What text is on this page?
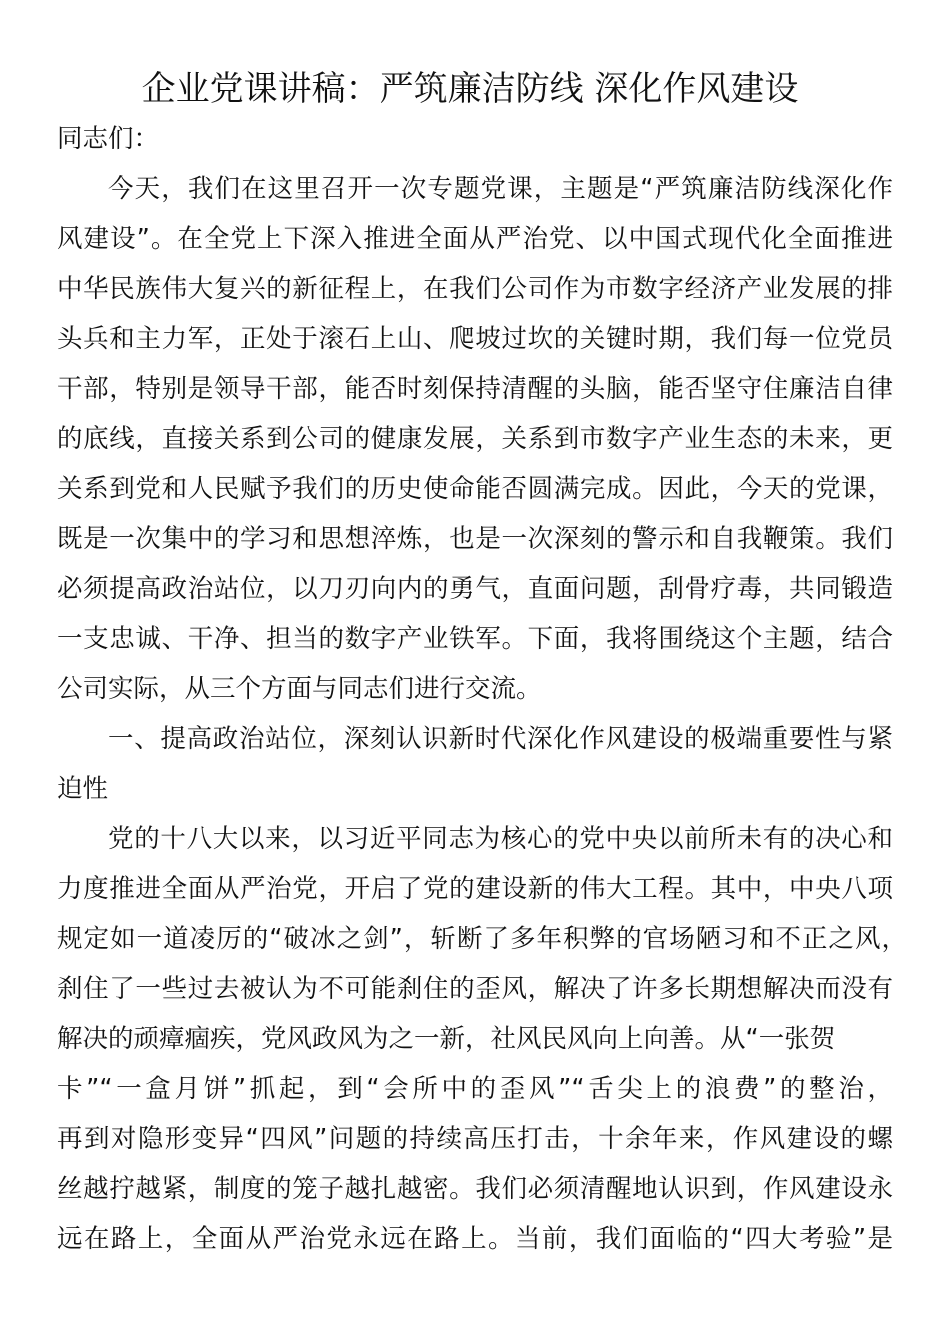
企业党课讲稿：严筑廉洁防线 深化作风建设
同志们：
今天，我们在这里召开一次专题党课，主题是“严筑廉洁防线深化作
风建设”。在全党上下深入推进全面从严治党、以中国式现代化全面推进
中华民族伟大复兴的新征程上，在我们公司作为市数字经济产业发展的排
头兵和主力军，正处于滚石上山、爬坡过坎的关键时期，我们每一位党员
干部，特别是领导干部，能否时刻保持清醒的头脑，能否坚守住廉洁自律
的底线，直接关系到公司的健康发展，关系到市数字产业生态的未来，更
关系到党和人民赋予我们的历史使命能否圆满完成。因此，今天的党课，
既是一次集中的学习和思想淬炼，也是一次深刻的警示和自我鞭策。我们
必须提高政治站位，以刀刃向内的勇气，直面问题，刮骨疗毒，共同锻造
一支忠诚、干净、担当的数字产业铁军。下面，我将围绕这个主题，结合
公司实际，从三个方面与同志们进行交流。
一、提高政治站位，深刻认识新时代深化作风建设的极端重要性与紧
迫性
党的十八大以来，以习近平同志为核心的党中央以前所未有的决心和
力度推进全面从严治党，开启了党的建设新的伟大工程。其中，中央八项
规定如一道凌厉的“破冰之剑”，斩断了多年积弊的官场陋习和不正之风，
刹住了一些过去被认为不可能刹住的歪风，解决了许多长期想解决而没有
解决的顽瘴痼疾，党风政风为之一新，社风民风向上向善。从“一张贺
卡”“一盒月饼”抓起，到“会所中的歪风”“舌尖上的浪费”的整治，
再到对隐形变异“四风”问题的持续高压打击，十余年来，作风建设的螺
丝越拧越紧，制度的笼子越扎越密。我们必须清醒地认识到，作风建设永
远在路上，全面从严治党永远在路上。当前，我们面临的“四大考验”是
